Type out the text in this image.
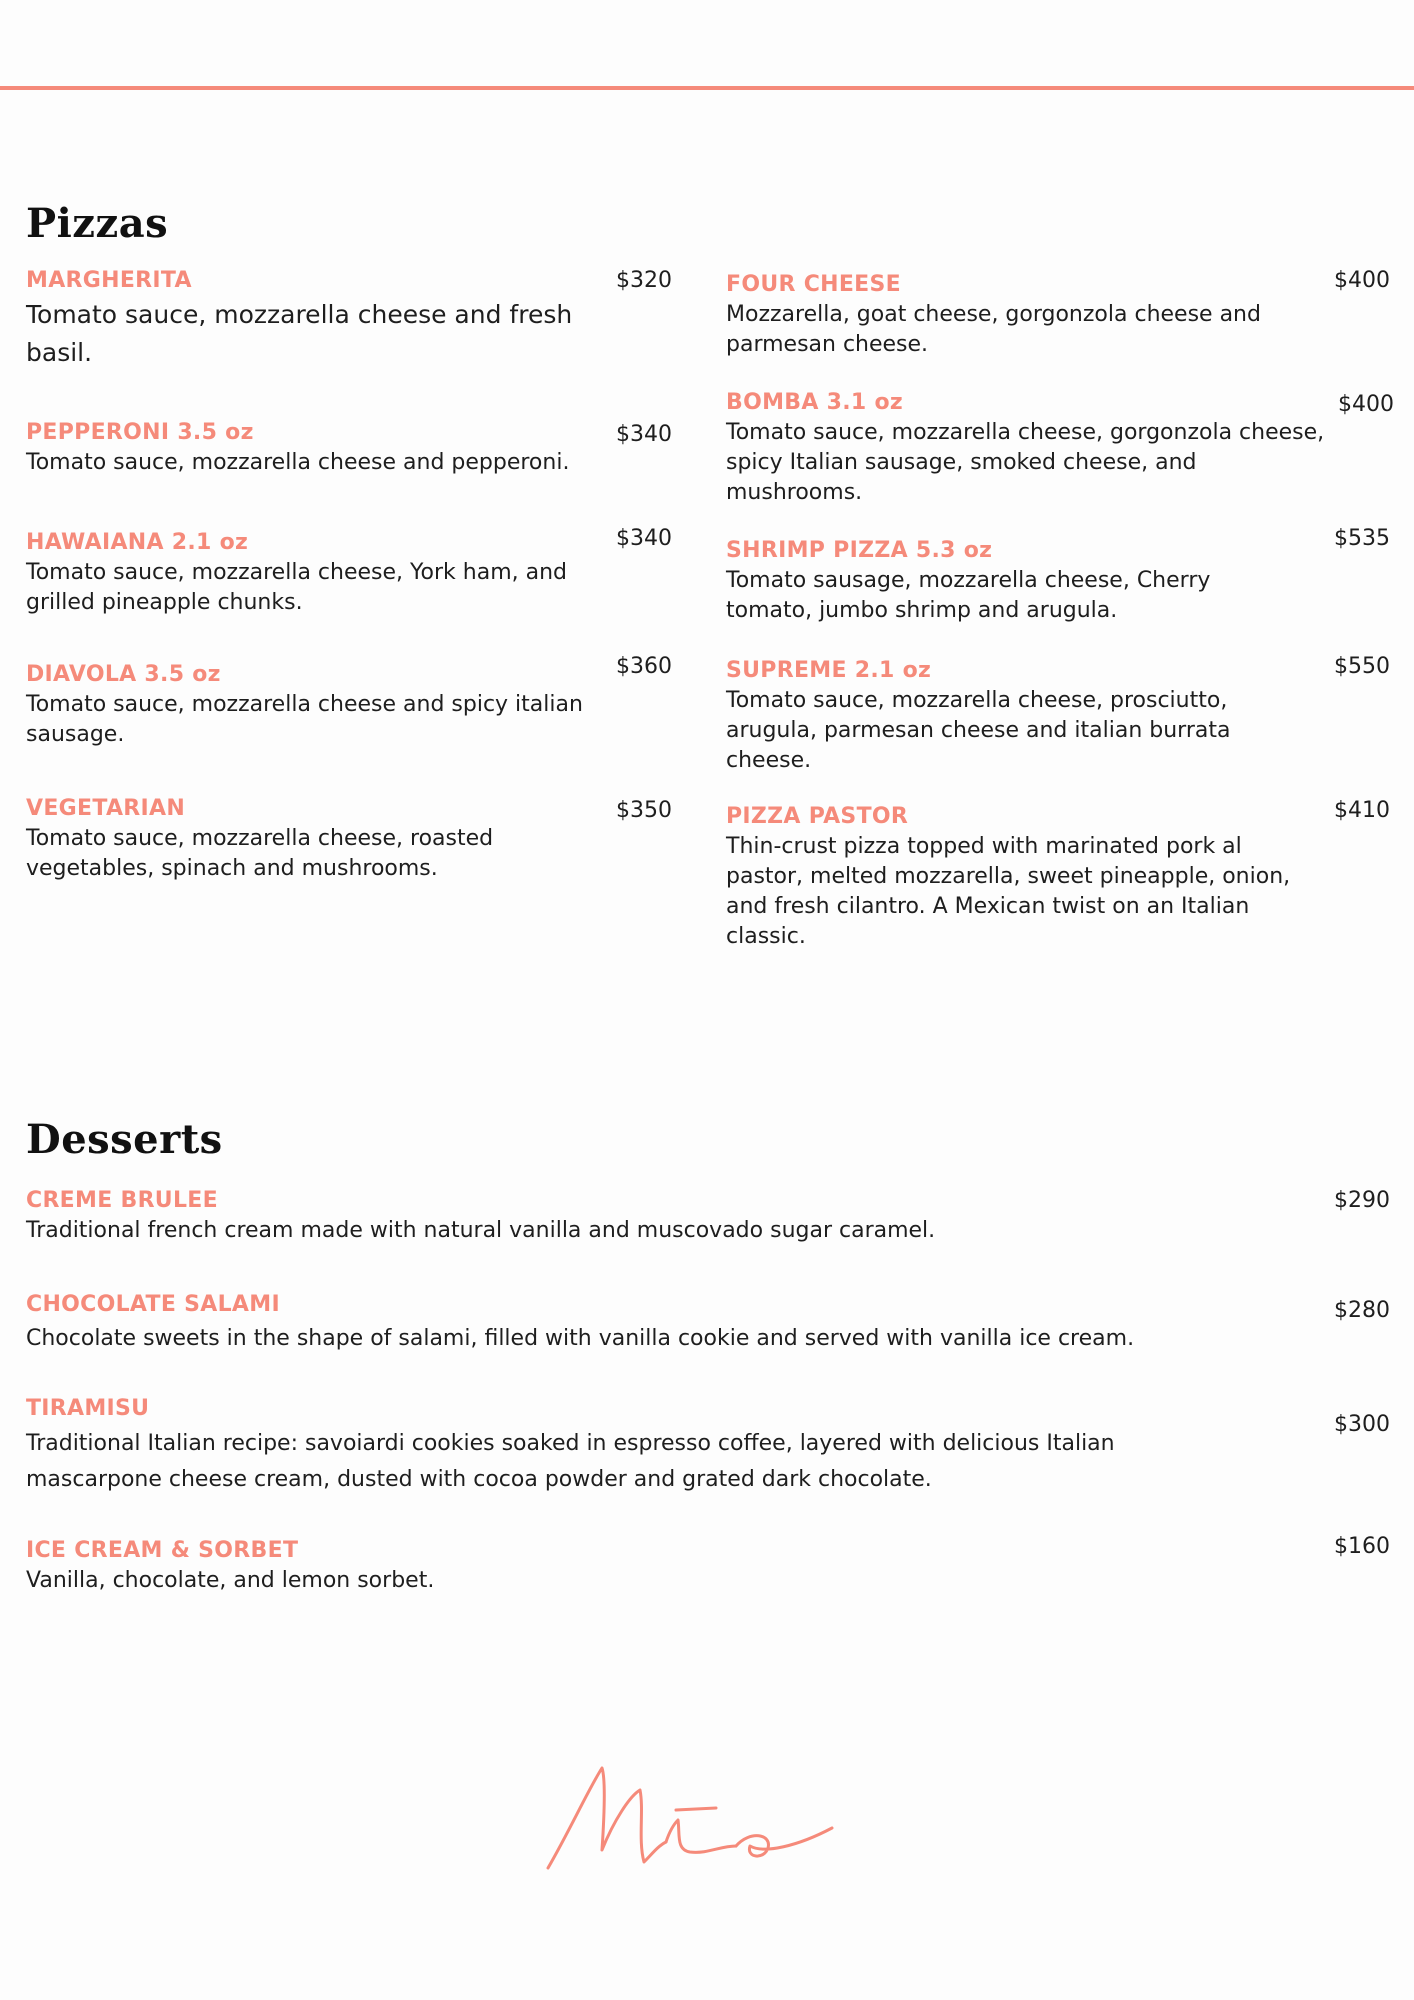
Pizzas
MARGHERITA
Tomato sauce, mozzarella cheese and fresh basil.
$320
PEPPERONI 3.5 oz
Tomato sauce, mozzarella cheese and pepperoni.
$340
HAWAIANA 2.1 oz
Tomato sauce, mozzarella cheese, York ham, and grilled pineapple chunks.
$340
DIAVOLA 3.5 oz
Tomato sauce, mozzarella cheese and spicy italian sausage.
$360
VEGETARIAN
Tomato sauce, mozzarella cheese, roasted vegetables, spinach and mushrooms.
$350
FOUR CHEESE
Mozzarella, goat cheese, gorgonzola cheese and parmesan cheese.
$400
BOMBA 3.1 oz
Tomato sauce, mozzarella cheese, gorgonzola cheese, spicy Italian sausage, smoked cheese, and mushrooms.
$400
SHRIMP PIZZA 5.3 oz
Tomato sausage, mozzarella cheese, Cherry tomato, jumbo shrimp and arugula.
$535
SUPREME 2.1 oz
Tomato sauce, mozzarella cheese, prosciutto, arugula, parmesan cheese and italian burrata cheese.
$550
PIZZA PASTOR
Thin-crust pizza topped with marinated pork al pastor, melted mozzarella, sweet pineapple, onion, and fresh cilantro. A Mexican twist on an Italian classic.
$410
Desserts
CREME BRULEE
Traditional french cream made with natural vanilla and muscovado sugar caramel.
$290
CHOCOLATE SALAMI
Chocolate sweets in the shape of salami, filled with vanilla cookie and served with vanilla ice cream.
$280
TIRAMISU
Traditional Italian recipe: savoiardi cookies soaked in espresso coffee, layered with delicious Italian mascarpone cheese cream, dusted with cocoa powder and grated dark chocolate.
$300
ICE CREAM & SORBET
Vanilla, chocolate, and lemon sorbet.
$160
